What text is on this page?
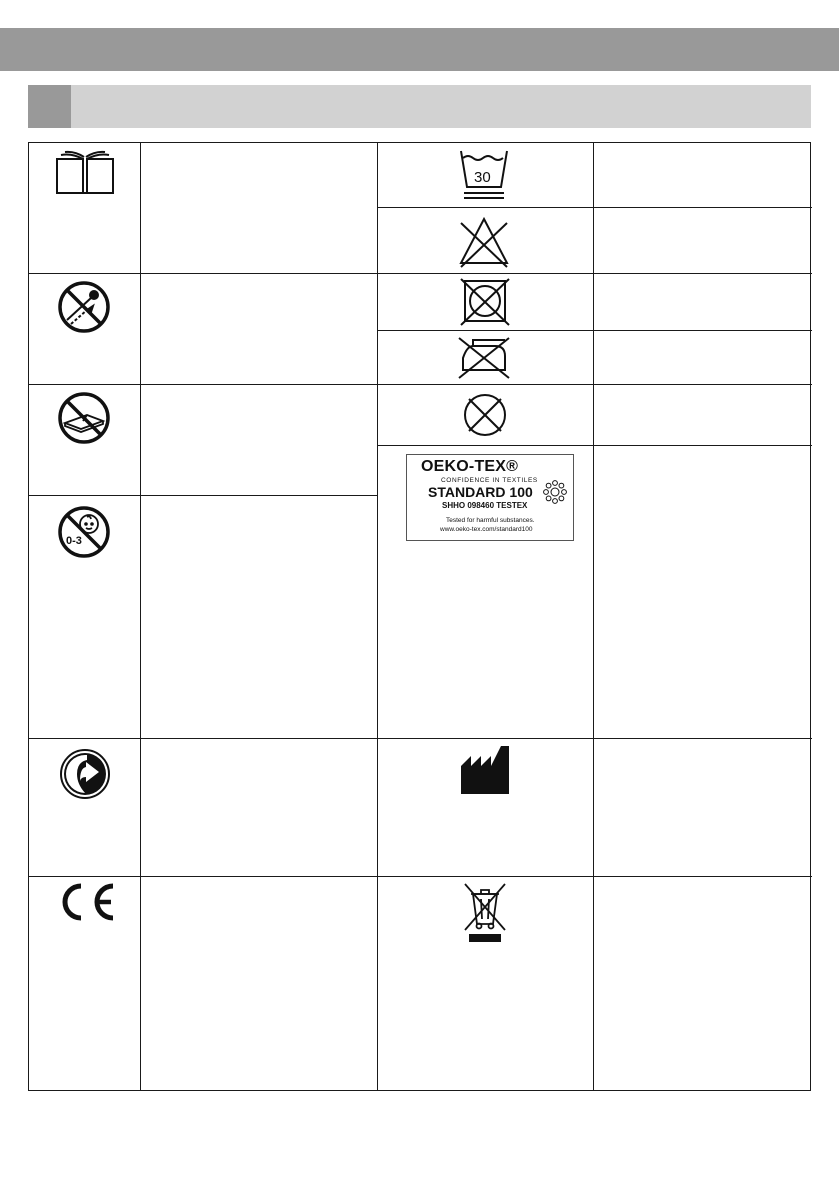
0-3
30
OEKO-TEX®
CONFIDENCE IN TEXTILES
STANDARD 100
SHHO 098460 TESTEX
Tested for harmful substances.
www.oeko-tex.com/standard100
